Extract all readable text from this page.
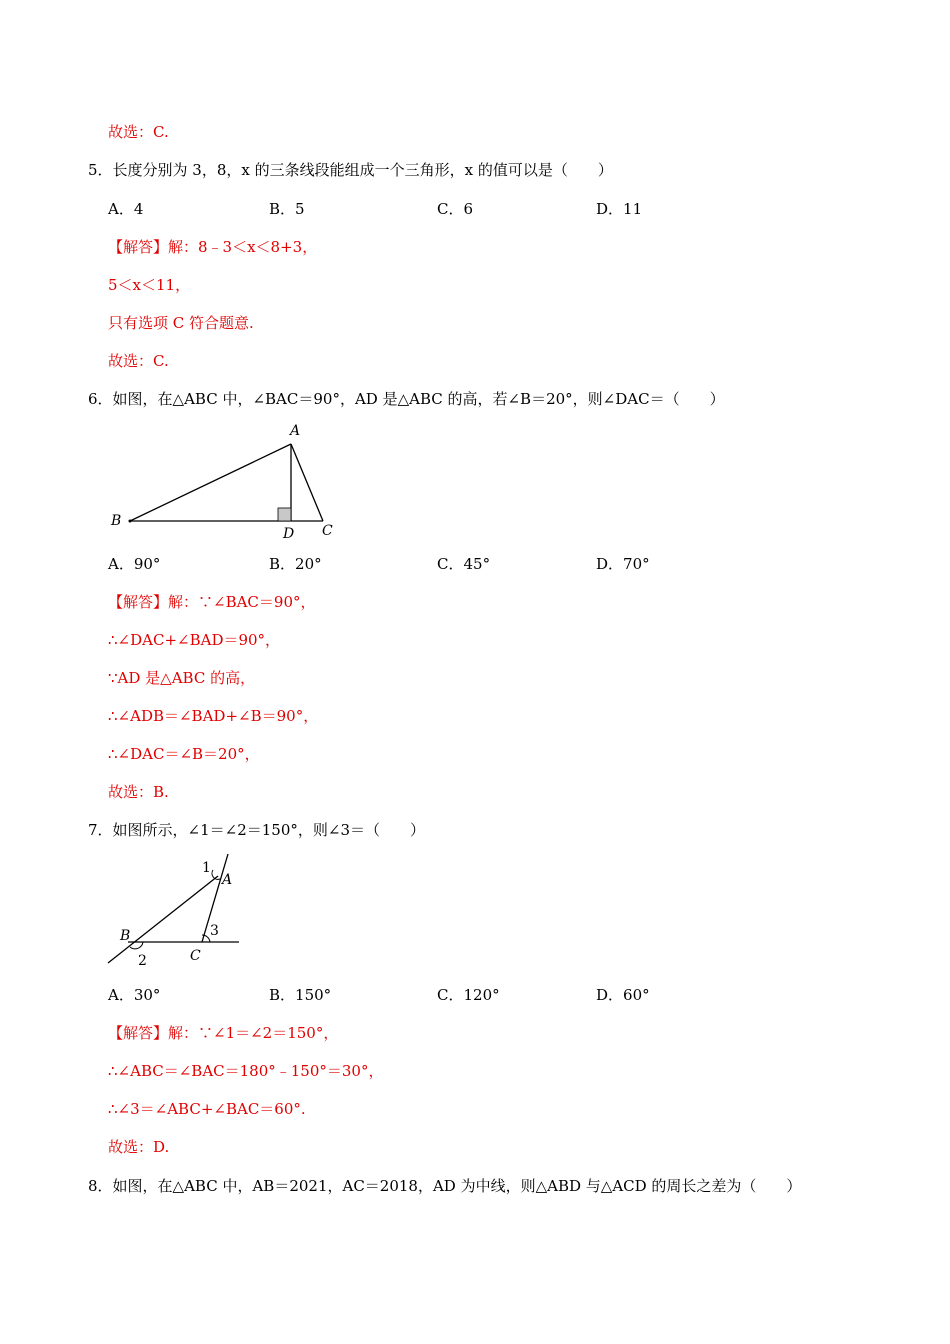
故选：C.
5．长度分别为 3，8，x 的三条线段能组成一个三角形，x 的值可以是（　　）
A．4	B．5	C．6	D．11
【解答】解：8﹣3＜x＜8+3，
5＜x＜11，
只有选项 C 符合题意.
故选：C.
6．如图，在△ABC 中，∠BAC＝90°，AD 是△ABC 的高，若∠B＝20°，则∠DAC＝（　　）
A
B
D C
A．90°	B．20°	C．45°	D．70°
【解答】解：∵∠BAC＝90°，
∴∠DAC+∠BAD＝90°，
∵AD 是△ABC 的高，
∴∠ADB＝∠BAD+∠B＝90°，
∴∠DAC＝∠B＝20°，
故选：B.
7．如图所示，∠1＝∠2＝150°，则∠3＝（　　）
1
A
B	3
2	C
A．30°	B．150°	C．120°	D．60°
【解答】解：∵∠1＝∠2＝150°，
∴∠ABC＝∠BAC＝180°﹣150°＝30°，
∴∠3＝∠ABC+∠BAC＝60°.
故选：D.
8．如图，在△ABC 中，AB＝2021，AC＝2018，AD 为中线，则△ABD 与△ACD 的周长之差为（　　）
